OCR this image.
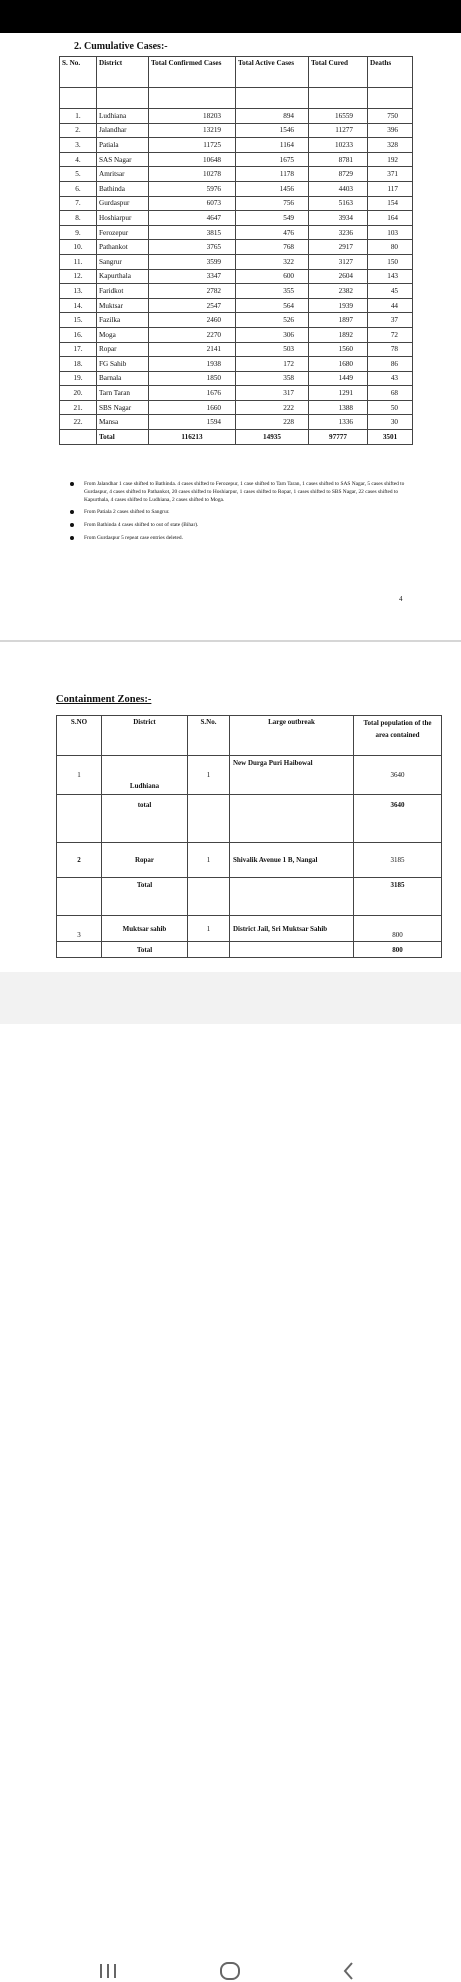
2. Cumulative Cases:-
S. No.	District	Total Confirmed Cases	Total Active Cases	Total Cured	Deaths

1.	Ludhiana	18203	894	16559	750
2.	Jalandhar	13219	1546	11277	396
3.	Patiala	11725	1164	10233	328
4.	SAS Nagar	10648	1675	8781	192
5.	Amritsar	10278	1178	8729	371
6.	Bathinda	5976	1456	4403	117
7.	Gurdaspur	6073	756	5163	154
8.	Hoshiarpur	4647	549	3934	164
9.	Ferozepur	3815	476	3236	103
10.	Pathankot	3765	768	2917	80
11.	Sangrur	3599	322	3127	150
12.	Kapurthala	3347	600	2604	143
13.	Faridkot	2782	355	2382	45
14.	Muktsar	2547	564	1939	44
15.	Fazilka	2460	526	1897	37
16.	Moga	2270	306	1892	72
17.	Ropar	2141	503	1560	78
18.	FG Sahib	1938	172	1680	86
19.	Barnala	1850	358	1449	43
20.	Tarn Taran	1676	317	1291	68
21.	SBS Nagar	1660	222	1388	50
22.	Mansa	1594	228	1336	30
	Total	116213	14935	97777	3501
From Jalandhar 1 case shifted to Bathinda. 4 cases shifted to Ferozepur, 1 case shifted to Tarn Taran, 1 cases shifted to SAS Nagar, 5 cases shifted to Gurdaspur, 4 cases shifted to Pathankot, 20 cases shifted to Hoshiarpur, 1 cases shifted to Ropar, 1 cases shifted to SBS Nagar, 22 cases shifted to Kapurthala, 4 cases shifted to Ludhiana, 2 cases shifted to Moga.
From Patiala 2 cases shifted to Sangrur.
From Bathinda 4 cases shifted to out of state (Bihar).
From Gurdaspur 5 repeat case entries deleted.
4
Containment Zones:-
S.NO	District	S.No.	Large outbreak	Total population of the area contained
1	Ludhiana	1	New Durga Puri Haibowal	3640
	total			3640
2	Ropar	1	Shivalik Avenue 1 B, Nangal	3185
	Total			3185
3	Muktsar sahib	1	District Jail, Sri Muktsar Sahib	800
	Total			800
